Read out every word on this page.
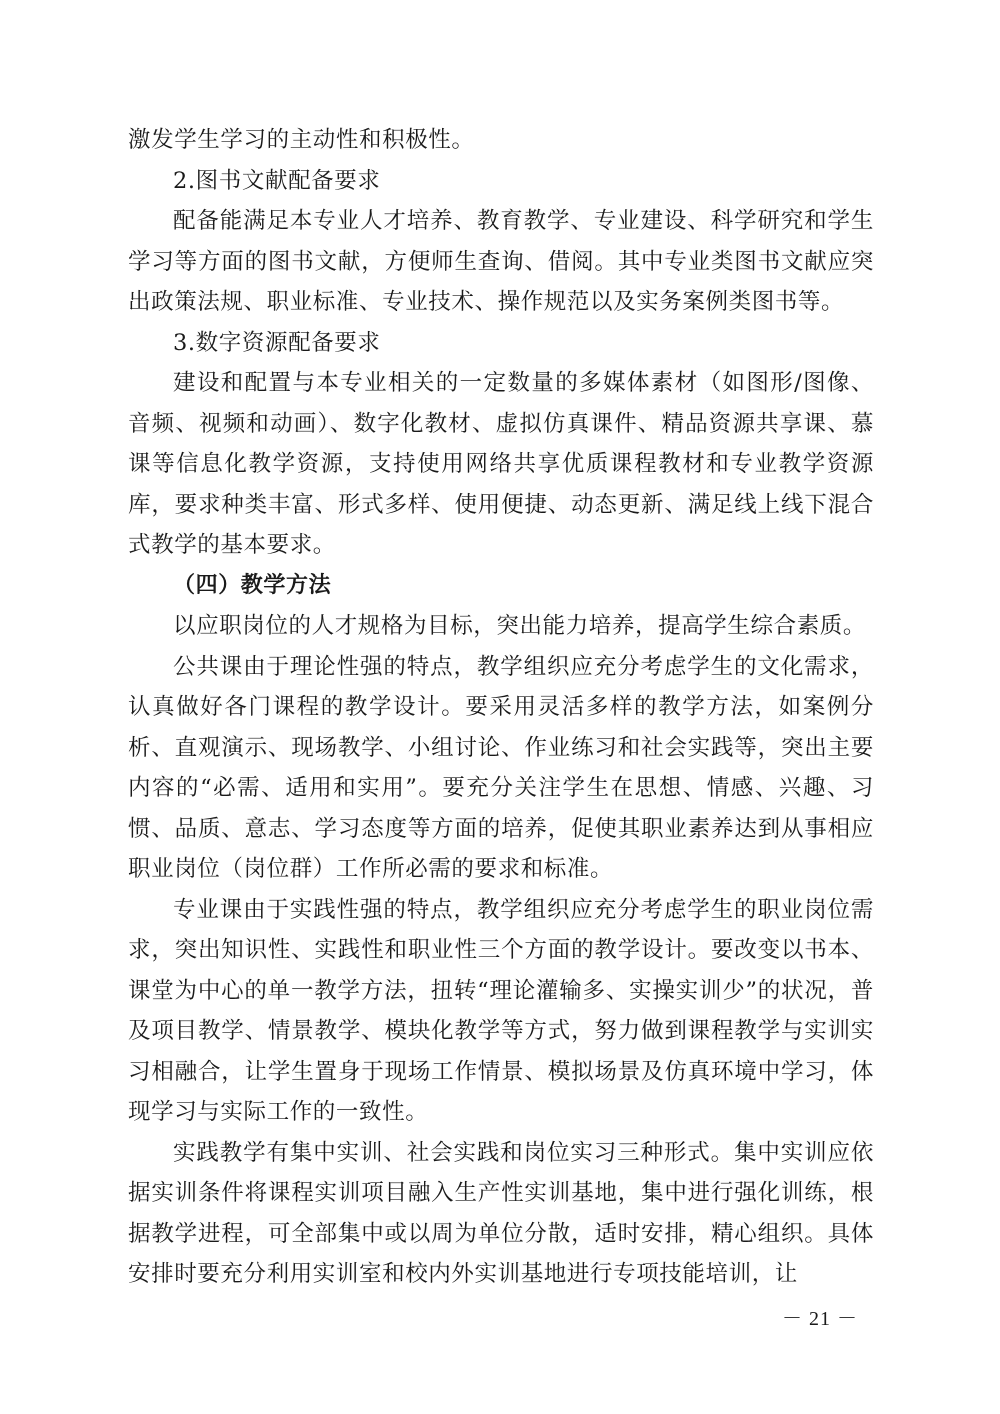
激发学生学习的主动性和积极性。

2.图书文献配备要求

配备能满足本专业人才培养、教育教学、专业建设、科学研究和学生学习等方面的图书文献，方便师生查询、借阅。其中专业类图书文献应突出政策法规、职业标准、专业技术、操作规范以及实务案例类图书等。

3.数字资源配备要求

建设和配置与本专业相关的一定数量的多媒体素材（如图形/图像、音频、视频和动画）、数字化教材、虚拟仿真课件、精品资源共享课、慕课等信息化教学资源，支持使用网络共享优质课程教材和专业教学资源库，要求种类丰富、形式多样、使用便捷、动态更新、满足线上线下混合式教学的基本要求。

（四）教学方法

以应职岗位的人才规格为目标，突出能力培养，提高学生综合素质。

公共课由于理论性强的特点，教学组织应充分考虑学生的文化需求，认真做好各门课程的教学设计。要采用灵活多样的教学方法，如案例分析、直观演示、现场教学、小组讨论、作业练习和社会实践等，突出主要内容的“必需、适用和实用”。要充分关注学生在思想、情感、兴趣、习惯、品质、意志、学习态度等方面的培养，促使其职业素养达到从事相应职业岗位（岗位群）工作所必需的要求和标准。

专业课由于实践性强的特点，教学组织应充分考虑学生的职业岗位需求，突出知识性、实践性和职业性三个方面的教学设计。要改变以书本、课堂为中心的单一教学方法，扭转“理论灌输多、实操实训少”的状况，普及项目教学、情景教学、模块化教学等方式，努力做到课程教学与实训实习相融合，让学生置身于现场工作情景、模拟场景及仿真环境中学习，体现学习与实际工作的一致性。

实践教学有集中实训、社会实践和岗位实习三种形式。集中实训应依据实训条件将课程实训项目融入生产性实训基地，集中进行强化训练，根据教学进程，可全部集中或以周为单位分散，适时安排，精心组织。具体安排时要充分利用实训室和校内外实训基地进行专项技能培训，让

－ 21 －
